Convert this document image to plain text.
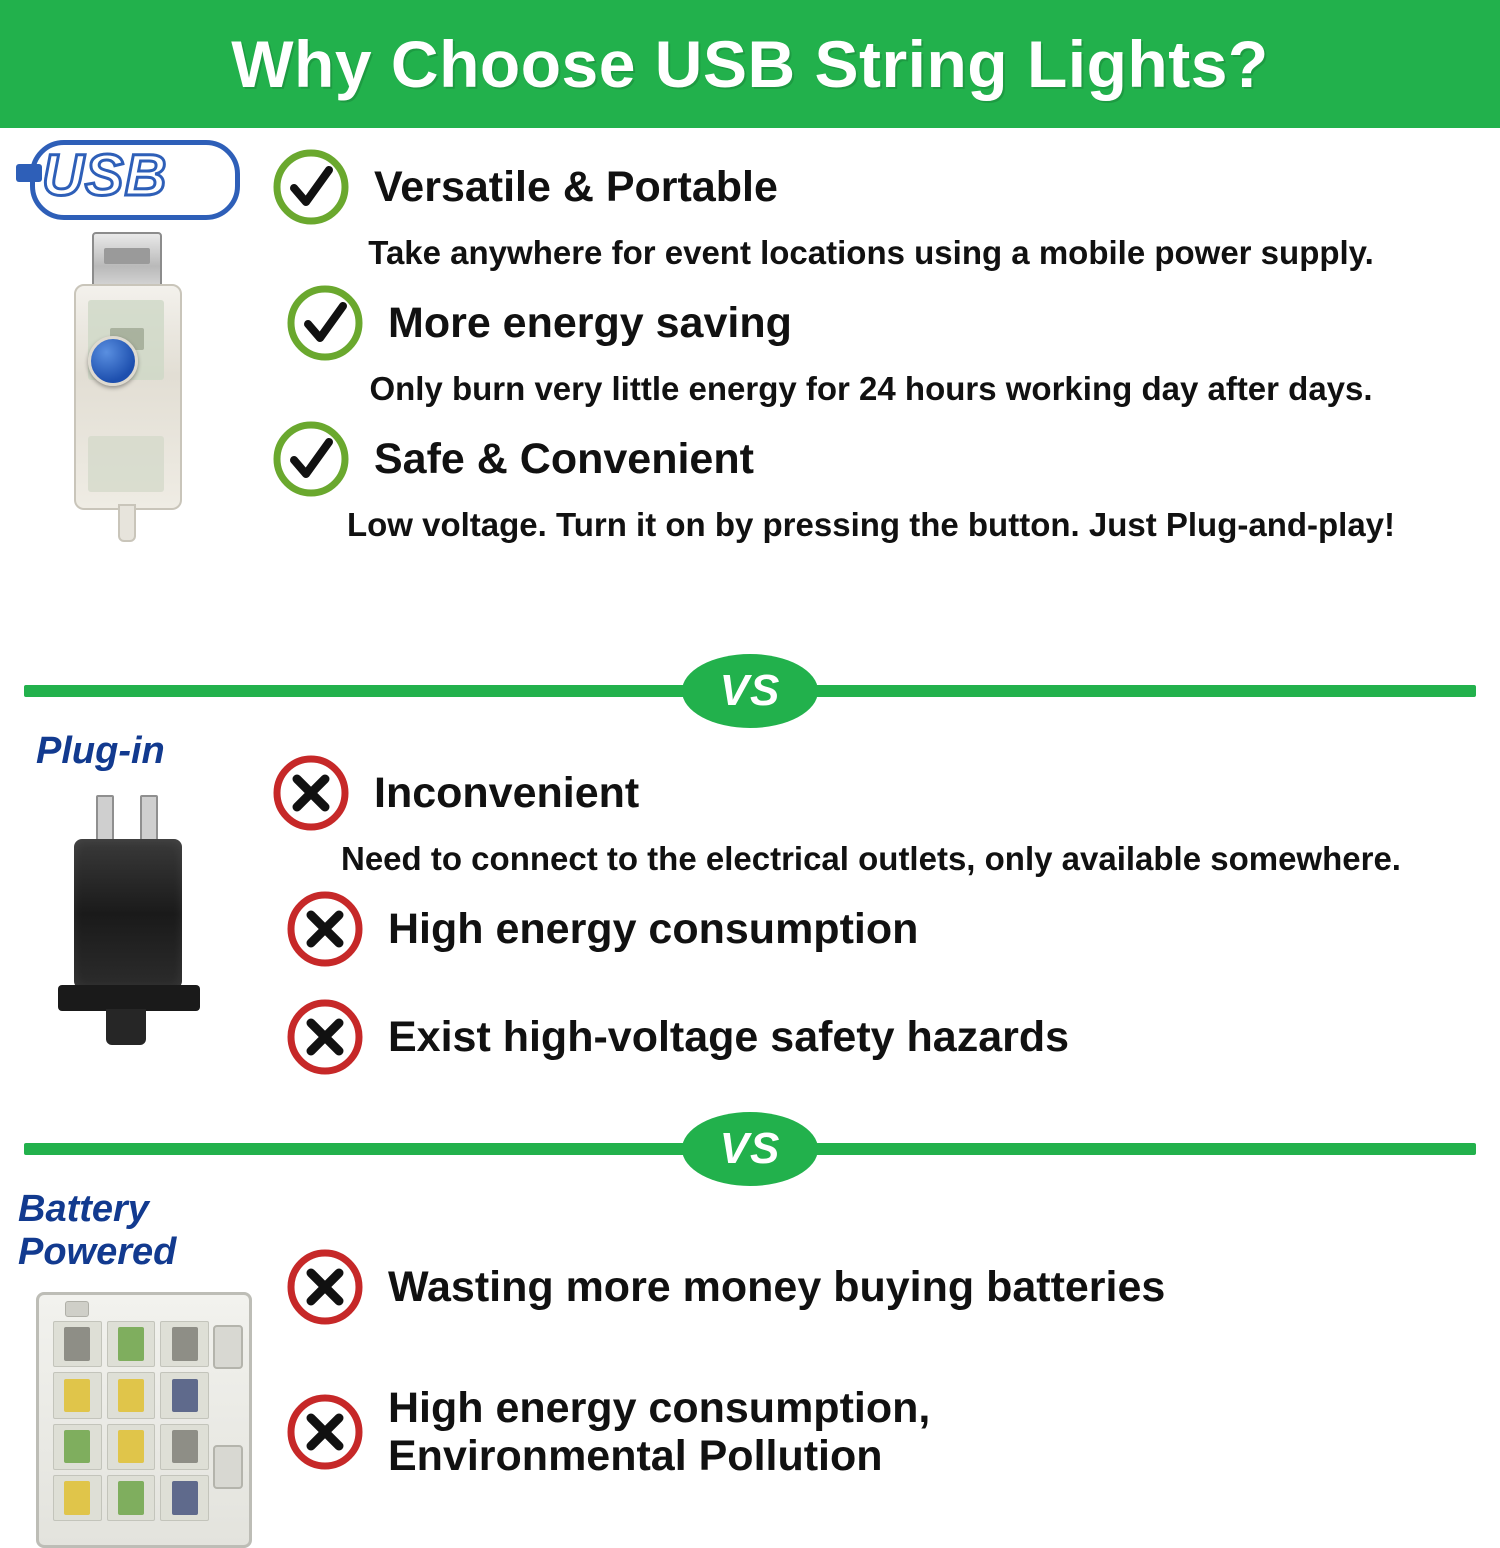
Why Choose USB String Lights?
USB	Versatile & Portable
Take anywhere for event locations using a mobile power supply.
More energy saving
Only burn very little energy for 24 hours working day after days.
Safe & Convenient
Low voltage. Turn it on by pressing the button. Just Plug-and-play!
VS
Plug-in
Inconvenient
Need to connect to the electrical outlets, only available somewhere.
High energy consumption
Exist high-voltage safety hazards
VS
Battery Powered
Wasting more money buying batteries
High energy consumption,
Environmental Pollution
